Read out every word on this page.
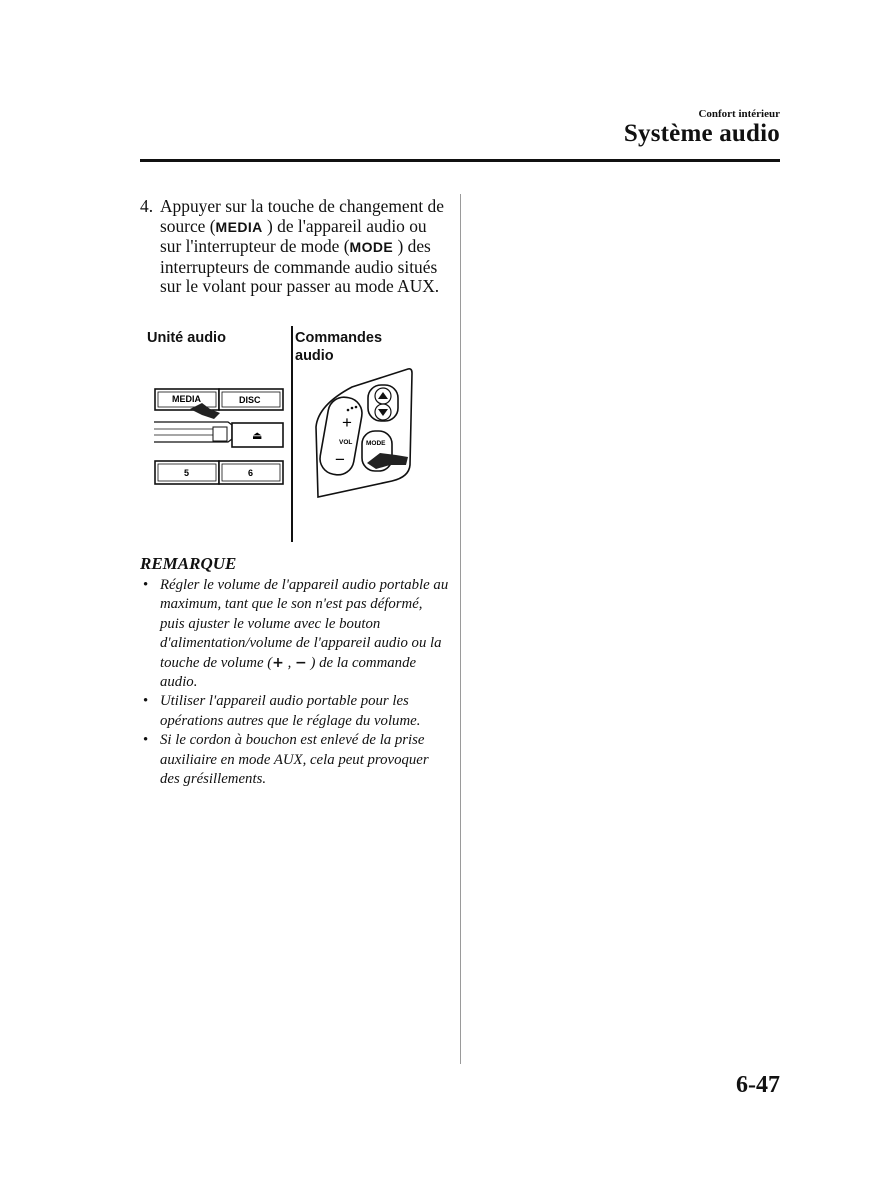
Confort intérieur
Système audio
4. Appuyer sur la touche de changement de source (MEDIA ) de l'appareil audio ou sur l'interrupteur de mode (MODE ) des interrupteurs de commande audio situés sur le volant pour passer au mode AUX.
Unité audio	Commandes audio
MEDIA	DISC
⏏
5	6
+
VOL
−
MODE
REMARQUE
• Régler le volume de l'appareil audio portable au maximum, tant que le son n'est pas déformé, puis ajuster le volume avec le bouton d'alimentation/volume de l'appareil audio ou la touche de volume (+ , − ) de la commande audio.
• Utiliser l'appareil audio portable pour les opérations autres que le réglage du volume.
• Si le cordon à bouchon est enlevé de la prise auxiliaire en mode AUX, cela peut provoquer des grésillements.
6-47
